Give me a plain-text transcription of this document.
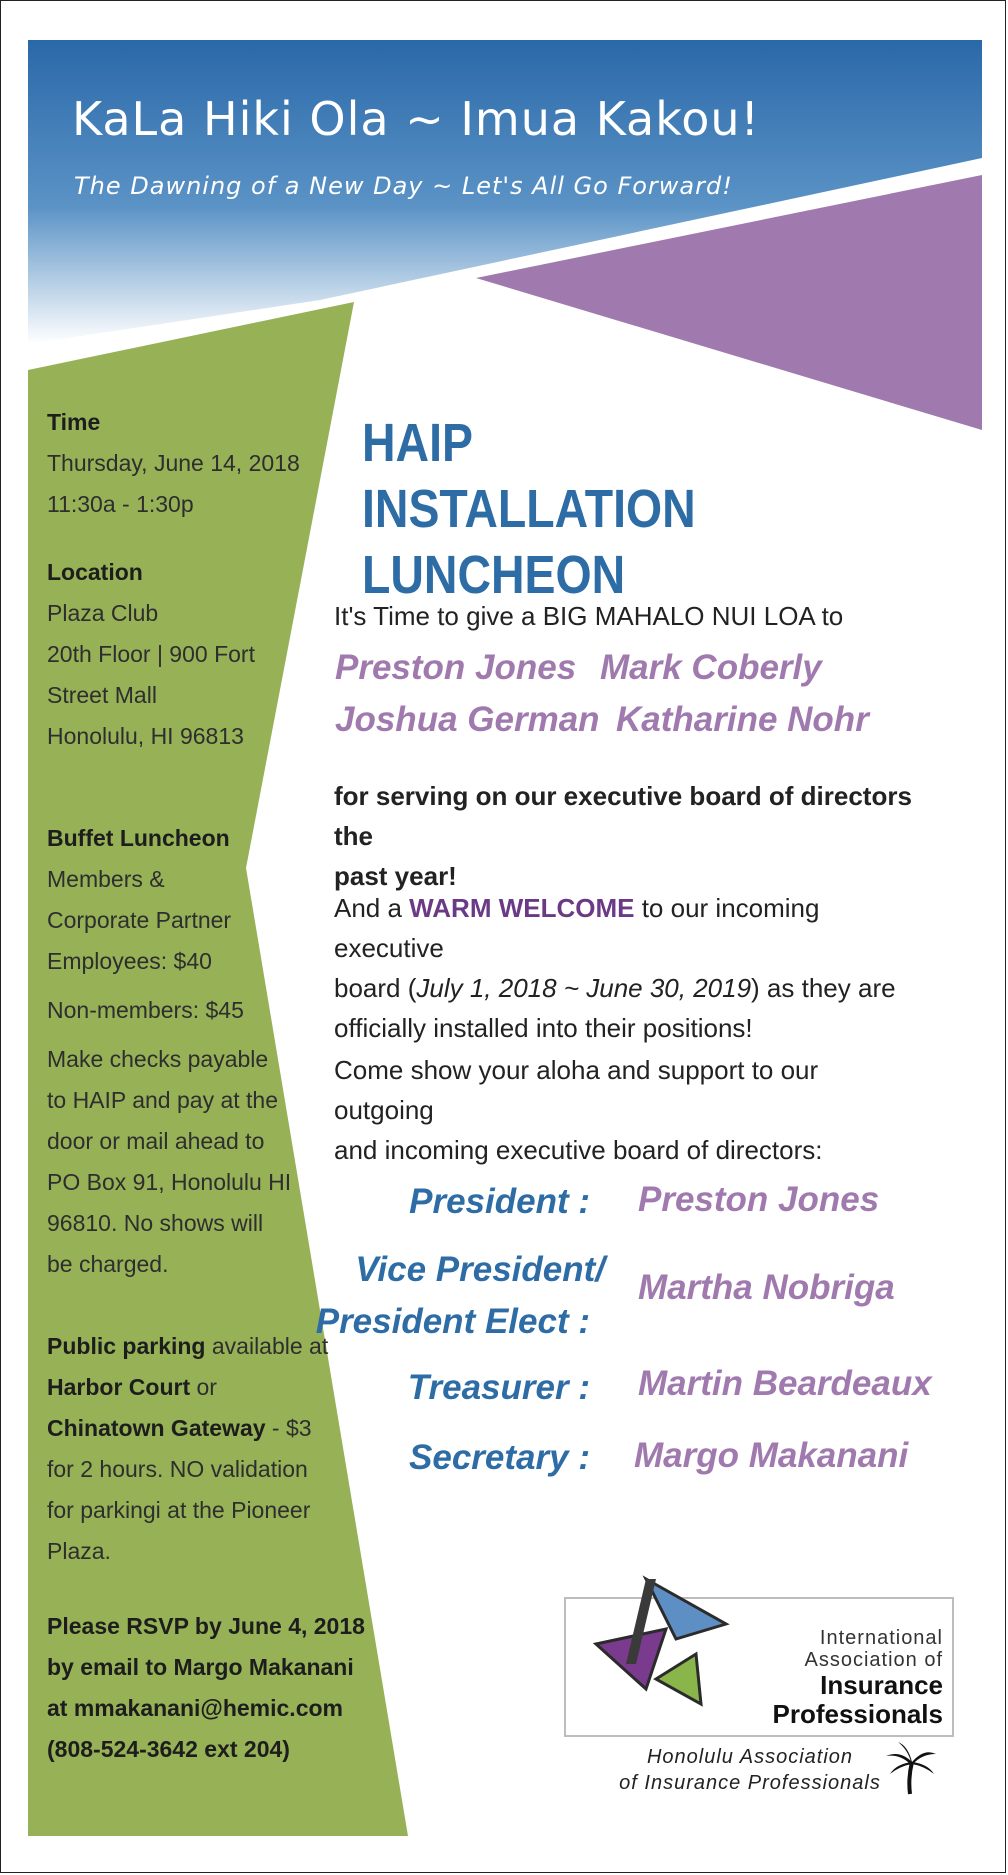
KaLa Hiki Ola ~ Imua Kakou!
The Dawning of a New Day ~ Let's All Go Forward!

Time

Thursday, June 14, 2018

11:30a - 1:30p

Location

Plaza Club

20th Floor | 900 Fort

Street Mall

Honolulu, HI 96813

Buffet Luncheon

Members &

Corporate Partner

Employees: $40

Non-members: $45

Make checks payable

to HAIP and pay at the

door or mail ahead to

PO Box 91, Honolulu HI

96810. No shows will

be charged.

Public parking available at

Harbor Court or

Chinatown Gateway - $3

for 2 hours. NO validation

for parkingi at the Pioneer

Plaza.

Please RSVP by June 4, 2018

by email to Margo Makanani

at mmakanani@hemic.com

(808-524-3642 ext 204)

HAIP INSTALLATION
LUNCHEON
It's Time to give a BIG MAHALO NUI LOA to
Preston Jones Mark Coberly
Joshua German Katharine Nohr
for serving on our executive board of directors the
past year!
And a WARM WELCOME to our incoming executive
board (July 1, 2018 ~ June 30, 2019) as they are
officially installed into their positions!
Come show your aloha and support to our outgoing
and incoming executive board of directors:
President : Preston Jones
Vice President/
President Elect :
Martha Nobriga
Treasurer : Martin Beardeaux
Secretary : Margo Makanani
International
Association of
Insurance
Professionals
Honolulu Association
of Insurance Professionals
